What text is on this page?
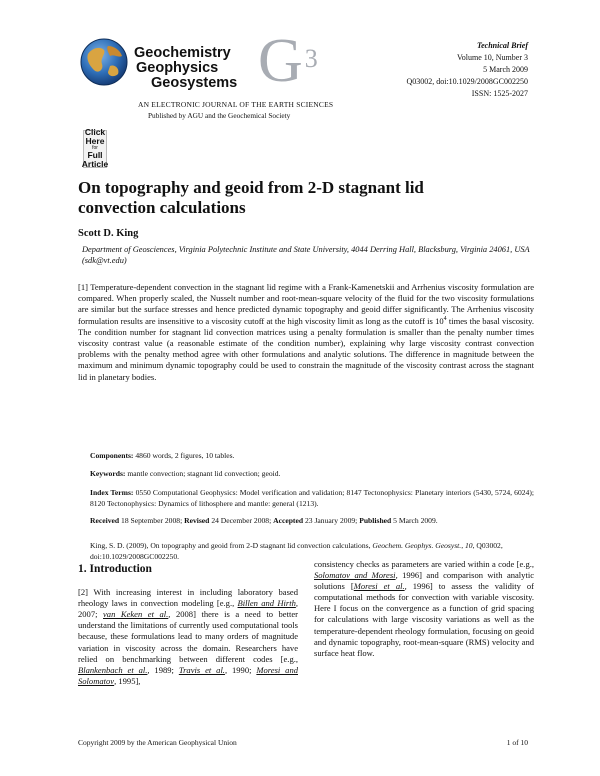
Geochemistry
Geophysics
Geosystems $G^3$
AN ELECTRONIC JOURNAL OF THE EARTH SCIENCES
Published by AGU and the Geochemical Society
Technical Brief
Volume 10, Number 3
5 March 2009
Q03002, doi:10.1029/2008GC002250
ISSN: 1525-2027
Click
Here
for
Full
Article
On topography and geoid from 2-D stagnant lid convection calculations
Scott D. King
Department of Geosciences, Virginia Polytechnic Institute and State University, 4044 Derring Hall, Blacksburg, Virginia 24061, USA (sdk@vt.edu)

[1] Temperature-dependent convection in the stagnant lid regime with a Frank-Kamenetskii and Arrhenius viscosity formulation are compared. When properly scaled, the Nusselt number and root-mean-square velocity of the fluid for the two viscosity formulations are similar but the surface stresses and hence predicted dynamic topography and geoid differ significantly. The Arrhenius viscosity formulation results are insensitive to a viscosity cutoff at the high viscosity limit as long as the cutoff is $10^4$ times the basal viscosity. The condition number for stagnant lid convection matrices using a penalty formulation is smaller than the penalty number times viscosity contrast value (a reasonable estimate of the condition number), explaining why large viscosity contrast convection problems with the penalty method agree with other formulations and analytic solutions. The difference in magnitude between the maximum and minimum dynamic topography could be used to constrain the magnitude of the viscosity contrast across the stagnant lid in planetary bodies.

Components: 4860 words, 2 figures, 10 tables.
Keywords: mantle convection; stagnant lid convection; geoid.
Index Terms: 0550 Computational Geophysics: Model verification and validation; 8147 Tectonophysics: Planetary interiors (5430, 5724, 6024); 8120 Tectonophysics: Dynamics of lithosphere and mantle: general (1213).
Received 18 September 2008; Revised 24 December 2008; Accepted 23 January 2009; Published 5 March 2009.
King, S. D. (2009), On topography and geoid from 2-D stagnant lid convection calculations, Geochem. Geophys. Geosyst., 10, Q03002, doi:10.1029/2008GC002250.
1. Introduction

[2] With increasing interest in including laboratory based rheology laws in convection modeling [e.g., Billen and Hirth, 2007; van Keken et al., 2008] there is a need to better understand the limitations of currently used computational tools because, these formulations lead to many orders of magnitude variation in viscosity across the domain. Researchers have relied on benchmarking between different codes [e.g., Blankenbach et al., 1989; Travis et al., 1990; Moresi and Solomatov, 1995],

consistency checks as parameters are varied within a code [e.g., Solomatov and Moresi, 1996] and comparison with analytic solutions [Moresi et al., 1996] to assess the validity of computational methods for convection with variable viscosity. Here I focus on the convergence as a function of grid spacing for calculations with large viscosity variations as well as the temperature-dependent rheology formulation, focusing on geoid and dynamic topography, root-mean-square (RMS) velocity and surface heat flow.

Copyright 2009 by the American Geophysical Union	1 of 10
